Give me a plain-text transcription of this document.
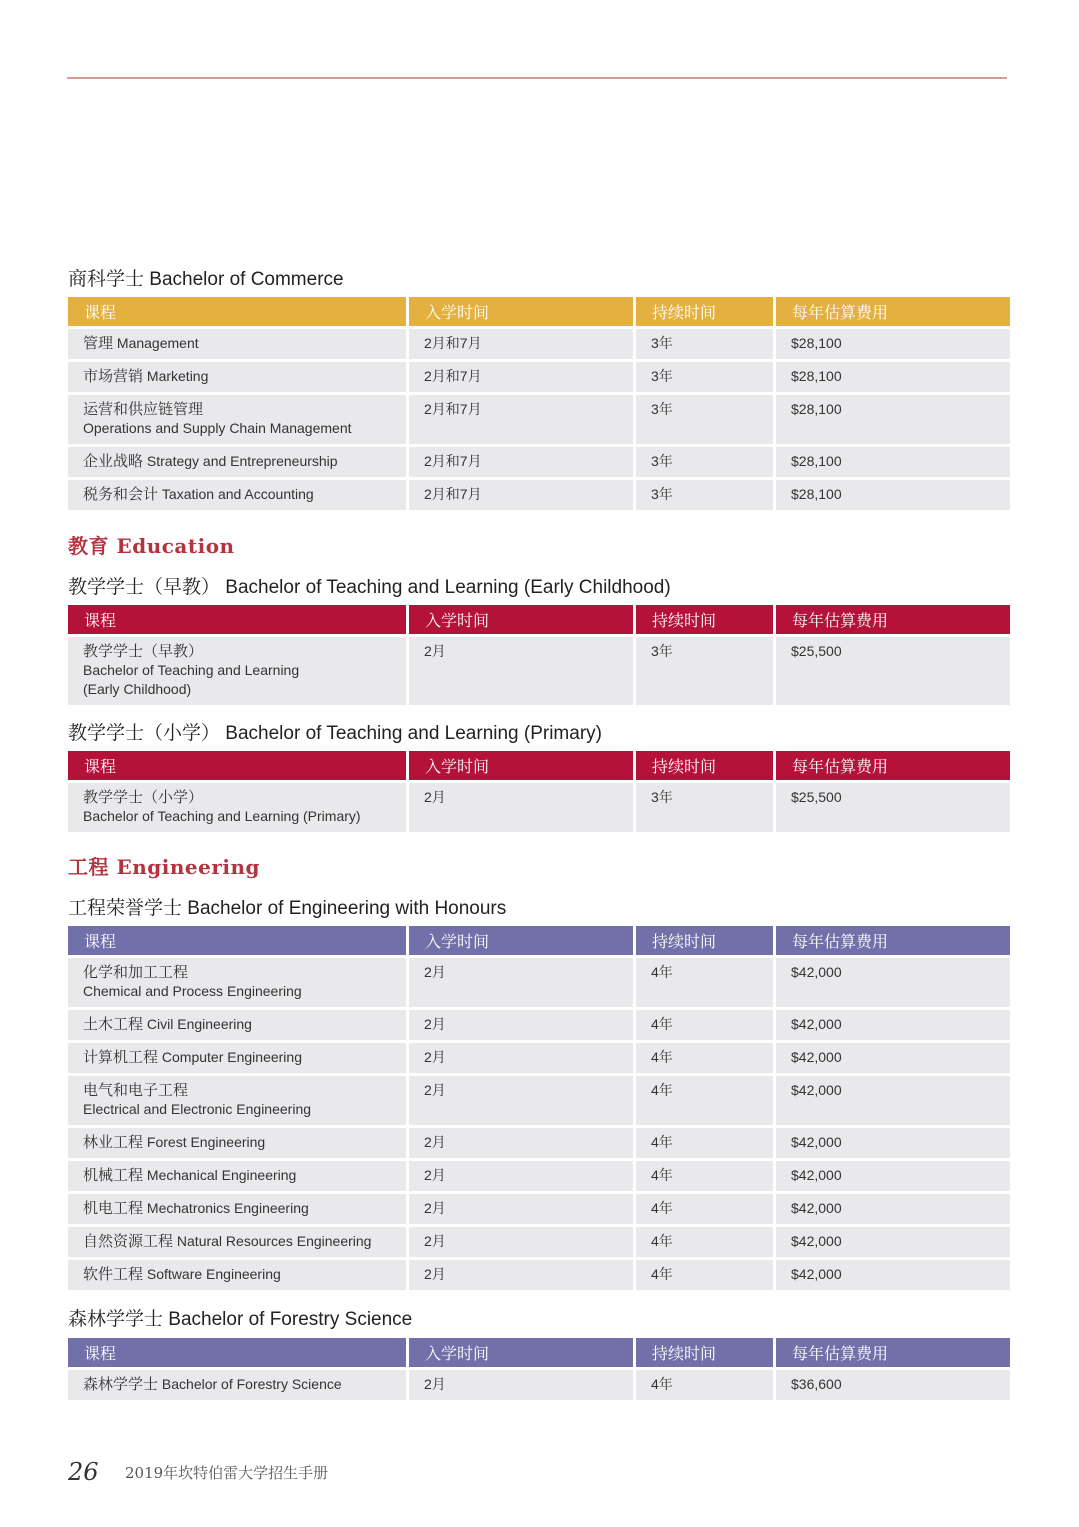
商科学士 Bachelor of Commerce
课程	入学时间	持续时间	每年估算费用
管理 Management	2月和7月	3年	$28,100
市场营销 Marketing	2月和7月	3年	$28,100
运营和供应链管理
Operations and Supply Chain Management	2月和7月	3年	$28,100
企业战略 Strategy and Entrepreneurship	2月和7月	3年	$28,100
税务和会计 Taxation and Accounting	2月和7月	3年	$28,100
教育 Education
教学学士（早教） Bachelor of Teaching and Learning (Early Childhood)
课程	入学时间	持续时间	每年估算费用
教学学士（早教）
Bachelor of Teaching and Learning
(Early Childhood)	2月	3年	$25,500
教学学士（小学） Bachelor of Teaching and Learning (Primary)
课程	入学时间	持续时间	每年估算费用
教学学士（小学）
Bachelor of Teaching and Learning (Primary)	2月	3年	$25,500
工程 Engineering
工程荣誉学士 Bachelor of Engineering with Honours
课程	入学时间	持续时间	每年估算费用
化学和加工工程
Chemical and Process Engineering	2月	4年	$42,000
土木工程 Civil Engineering	2月	4年	$42,000
计算机工程 Computer Engineering	2月	4年	$42,000
电气和电子工程
Electrical and Electronic Engineering	2月	4年	$42,000
林业工程 Forest Engineering	2月	4年	$42,000
机械工程 Mechanical Engineering	2月	4年	$42,000
机电工程 Mechatronics Engineering	2月	4年	$42,000
自然资源工程 Natural Resources Engineering	2月	4年	$42,000
软件工程 Software Engineering	2月	4年	$42,000
森林学学士 Bachelor of Forestry Science
课程	入学时间	持续时间	每年估算费用
森林学学士 Bachelor of Forestry Science	2月	4年	$36,600
26 2019年坎特伯雷大学招生手册
